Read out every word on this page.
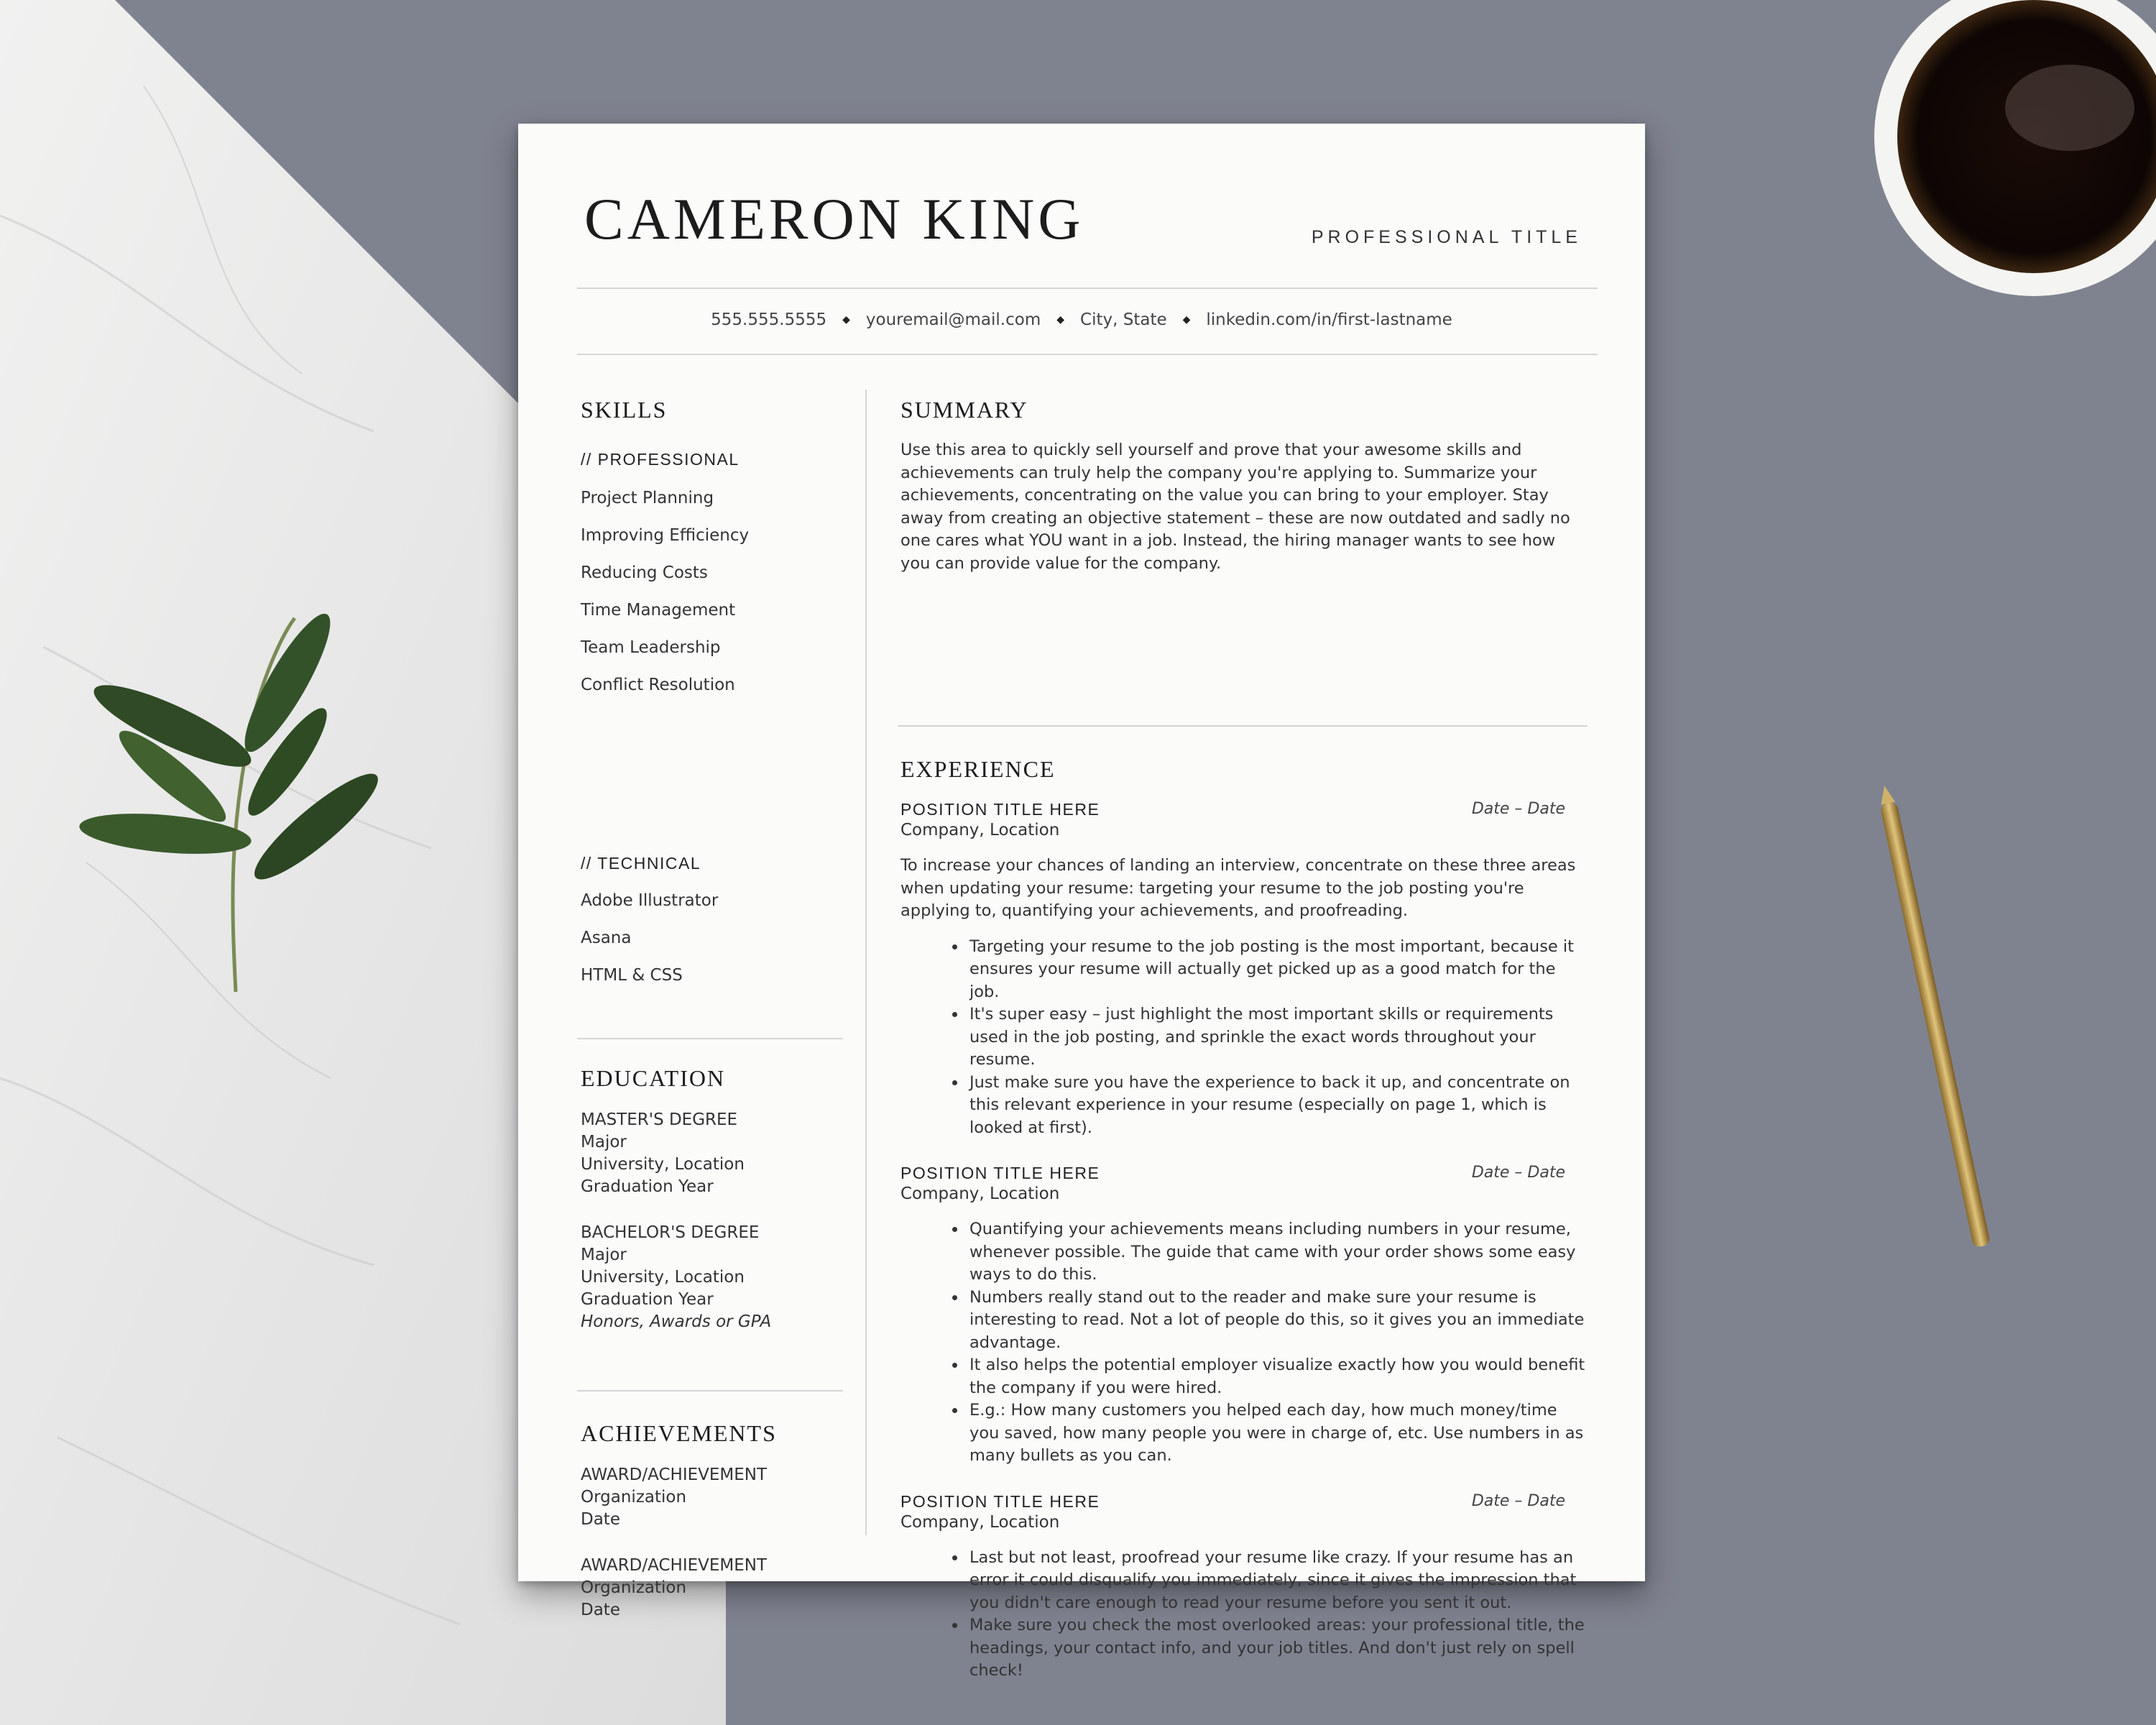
CAMERON KING	PROFESSIONAL TITLE
555.555.5555 ◆ youremail@mail.com ◆ City, State ◆ linkedin.com/in/first-lastname
SKILLS
// PROFESSIONAL
Project Planning
Improving Efficiency
Reducing Costs
Time Management
Team Leadership
Conflict Resolution
// TECHNICAL
Adobe Illustrator
Asana
HTML & CSS
EDUCATION
MASTER'S DEGREE
Major
University, Location
Graduation Year
BACHELOR'S DEGREE
Major
University, Location
Graduation Year
Honors, Awards or GPA
ACHIEVEMENTS
AWARD/ACHIEVEMENT
Organization
Date
AWARD/ACHIEVEMENT
Organization
Date
SUMMARY

Use this area to quickly sell yourself and prove that your awesome skills and achievements can truly help the company you're applying to. Summarize your achievements, concentrating on the value you can bring to your employer. Stay away from creating an objective statement – these are now outdated and sadly no one cares what YOU want in a job. Instead, the hiring manager wants to see how you can provide value for the company.

EXPERIENCE
POSITION TITLE HERE	Date – Date
Company, Location

To increase your chances of landing an interview, concentrate on these three areas when updating your resume: targeting your resume to the job posting you're applying to, quantifying your achievements, and proofreading.

• Targeting your resume to the job posting is the most important, because it ensures your resume will actually get picked up as a good match for the job.
• It's super easy – just highlight the most important skills or requirements used in the job posting, and sprinkle the exact words throughout your resume.
• Just make sure you have the experience to back it up, and concentrate on this relevant experience in your resume (especially on page 1, which is looked at first).
POSITION TITLE HERE	Date – Date
Company, Location
• Quantifying your achievements means including numbers in your resume, whenever possible. The guide that came with your order shows some easy ways to do this.
• Numbers really stand out to the reader and make sure your resume is interesting to read. Not a lot of people do this, so it gives you an immediate advantage.
• It also helps the potential employer visualize exactly how you would benefit the company if you were hired.
• E.g.: How many customers you helped each day, how much money/time you saved, how many people you were in charge of, etc. Use numbers in as many bullets as you can.
POSITION TITLE HERE	Date – Date
Company, Location
• Last but not least, proofread your resume like crazy. If your resume has an error it could disqualify you immediately, since it gives the impression that you didn't care enough to read your resume before you sent it out.
• Make sure you check the most overlooked areas: your professional title, the headings, your contact info, and your job titles. And don't just rely on spell check!
